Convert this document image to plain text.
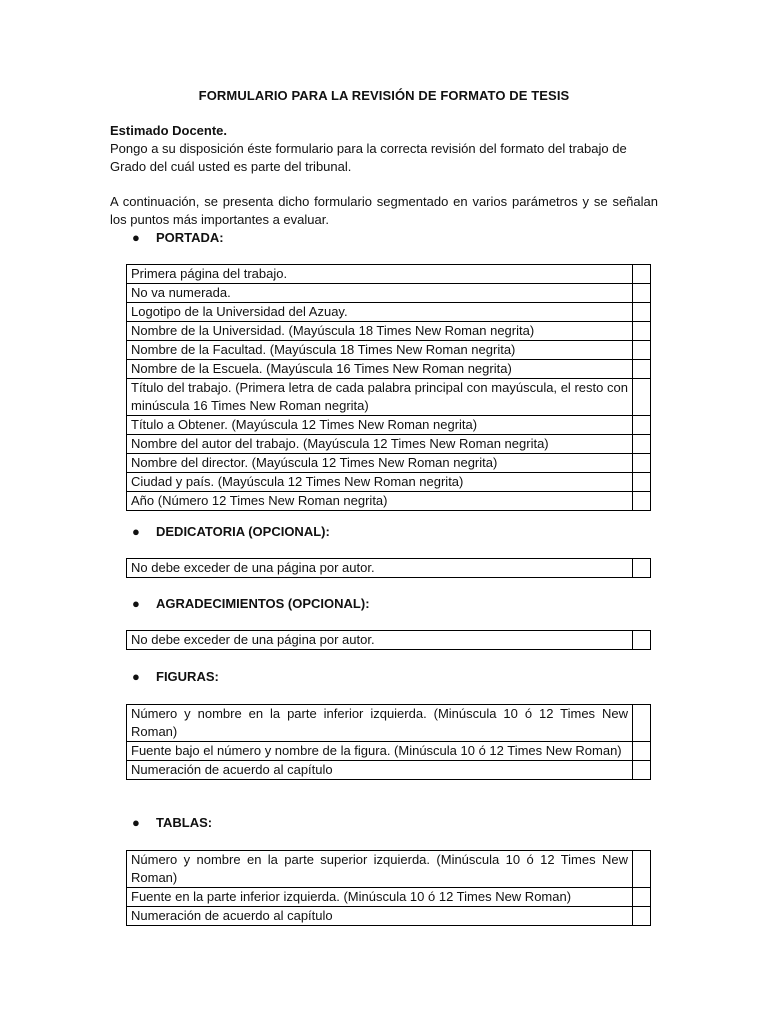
FORMULARIO PARA LA REVISIÓN DE FORMATO DE TESIS
Estimado Docente.
Pongo a su disposición éste formulario para la correcta revisión del formato del trabajo de Grado del cuál usted es parte del tribunal.
A continuación, se presenta dicho formulario segmentado en varios parámetros y se señalan los puntos más importantes a evaluar.
● PORTADA:
Primera página del trabajo.	
No va numerada.	
Logotipo de la Universidad del Azuay.	
Nombre de la Universidad. (Mayúscula 18 Times New Roman negrita)	
Nombre de la Facultad. (Mayúscula 18 Times New Roman negrita)	
Nombre de la Escuela. (Mayúscula 16 Times New Roman negrita)	
Título del trabajo. (Primera letra de cada palabra principal con mayúscula, el resto con minúscula 16 Times New Roman negrita)	
Título a Obtener. (Mayúscula 12 Times New Roman negrita)	
Nombre del autor del trabajo. (Mayúscula 12 Times New Roman negrita)	
Nombre del director. (Mayúscula 12 Times New Roman negrita)	
Ciudad y país. (Mayúscula 12 Times New Roman negrita)	
Año (Número 12 Times New Roman negrita)	
● DEDICATORIA (OPCIONAL):
No debe exceder de una página por autor.	
● AGRADECIMIENTOS (OPCIONAL):
No debe exceder de una página por autor.	
● FIGURAS:
Número y nombre en la parte inferior izquierda. (Minúscula 10 ó 12 Times New Roman)	
Fuente bajo el número y nombre de la figura. (Minúscula 10 ó 12 Times New Roman)	
Numeración de acuerdo al capítulo	
● TABLAS:
Número y nombre en la parte superior izquierda. (Minúscula 10 ó 12 Times New Roman)	
Fuente en la parte inferior izquierda. (Minúscula 10 ó 12 Times New Roman)	
Numeración de acuerdo al capítulo	
